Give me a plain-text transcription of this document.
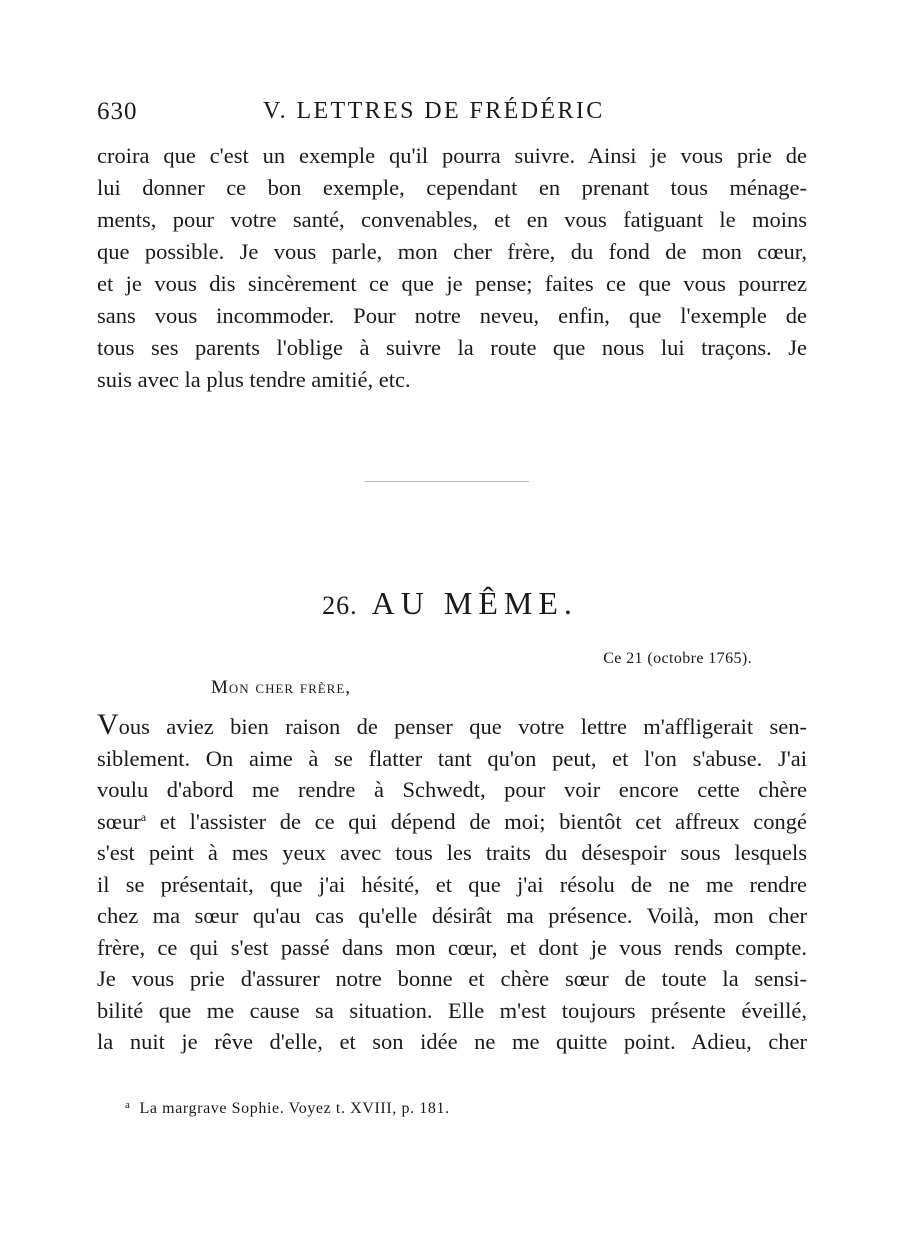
630	V. LETTRES DE FRÉDÉRIC
croira que c'est un exemple qu'il pourra suivre. Ainsi je vous prie de
lui donner ce bon exemple, cependant en prenant tous ménage-
ments, pour votre santé, convenables, et en vous fatiguant le moins
que possible. Je vous parle, mon cher frère, du fond de mon cœur,
et je vous dis sincèrement ce que je pense; faites ce que vous pourrez
sans vous incommoder. Pour notre neveu, enfin, que l'exemple de
tous ses parents l'oblige à suivre la route que nous lui traçons. Je
suis avec la plus tendre amitié, etc.
26. AU MÊME.
Ce 21 (octobre 1765).
Mon cher frère,
Vous aviez bien raison de penser que votre lettre m'affligerait sen-
siblement. On aime à se flatter tant qu'on peut, et l'on s'abuse. J'ai
voulu d'abord me rendre à Schwedt, pour voir encore cette chère
sœur$^a$ et l'assister de ce qui dépend de moi; bientôt cet affreux congé
s'est peint à mes yeux avec tous les traits du désespoir sous lesquels
il se présentait, que j'ai hésité, et que j'ai résolu de ne me rendre
chez ma sœur qu'au cas qu'elle désirât ma présence. Voilà, mon cher
frère, ce qui s'est passé dans mon cœur, et dont je vous rends compte.
Je vous prie d'assurer notre bonne et chère sœur de toute la sensi-
bilité que me cause sa situation. Elle m'est toujours présente éveillé,
la nuit je rêve d'elle, et son idée ne me quitte point. Adieu, cher
$^a$ La margrave Sophie. Voyez t. XVIII, p. 181.
